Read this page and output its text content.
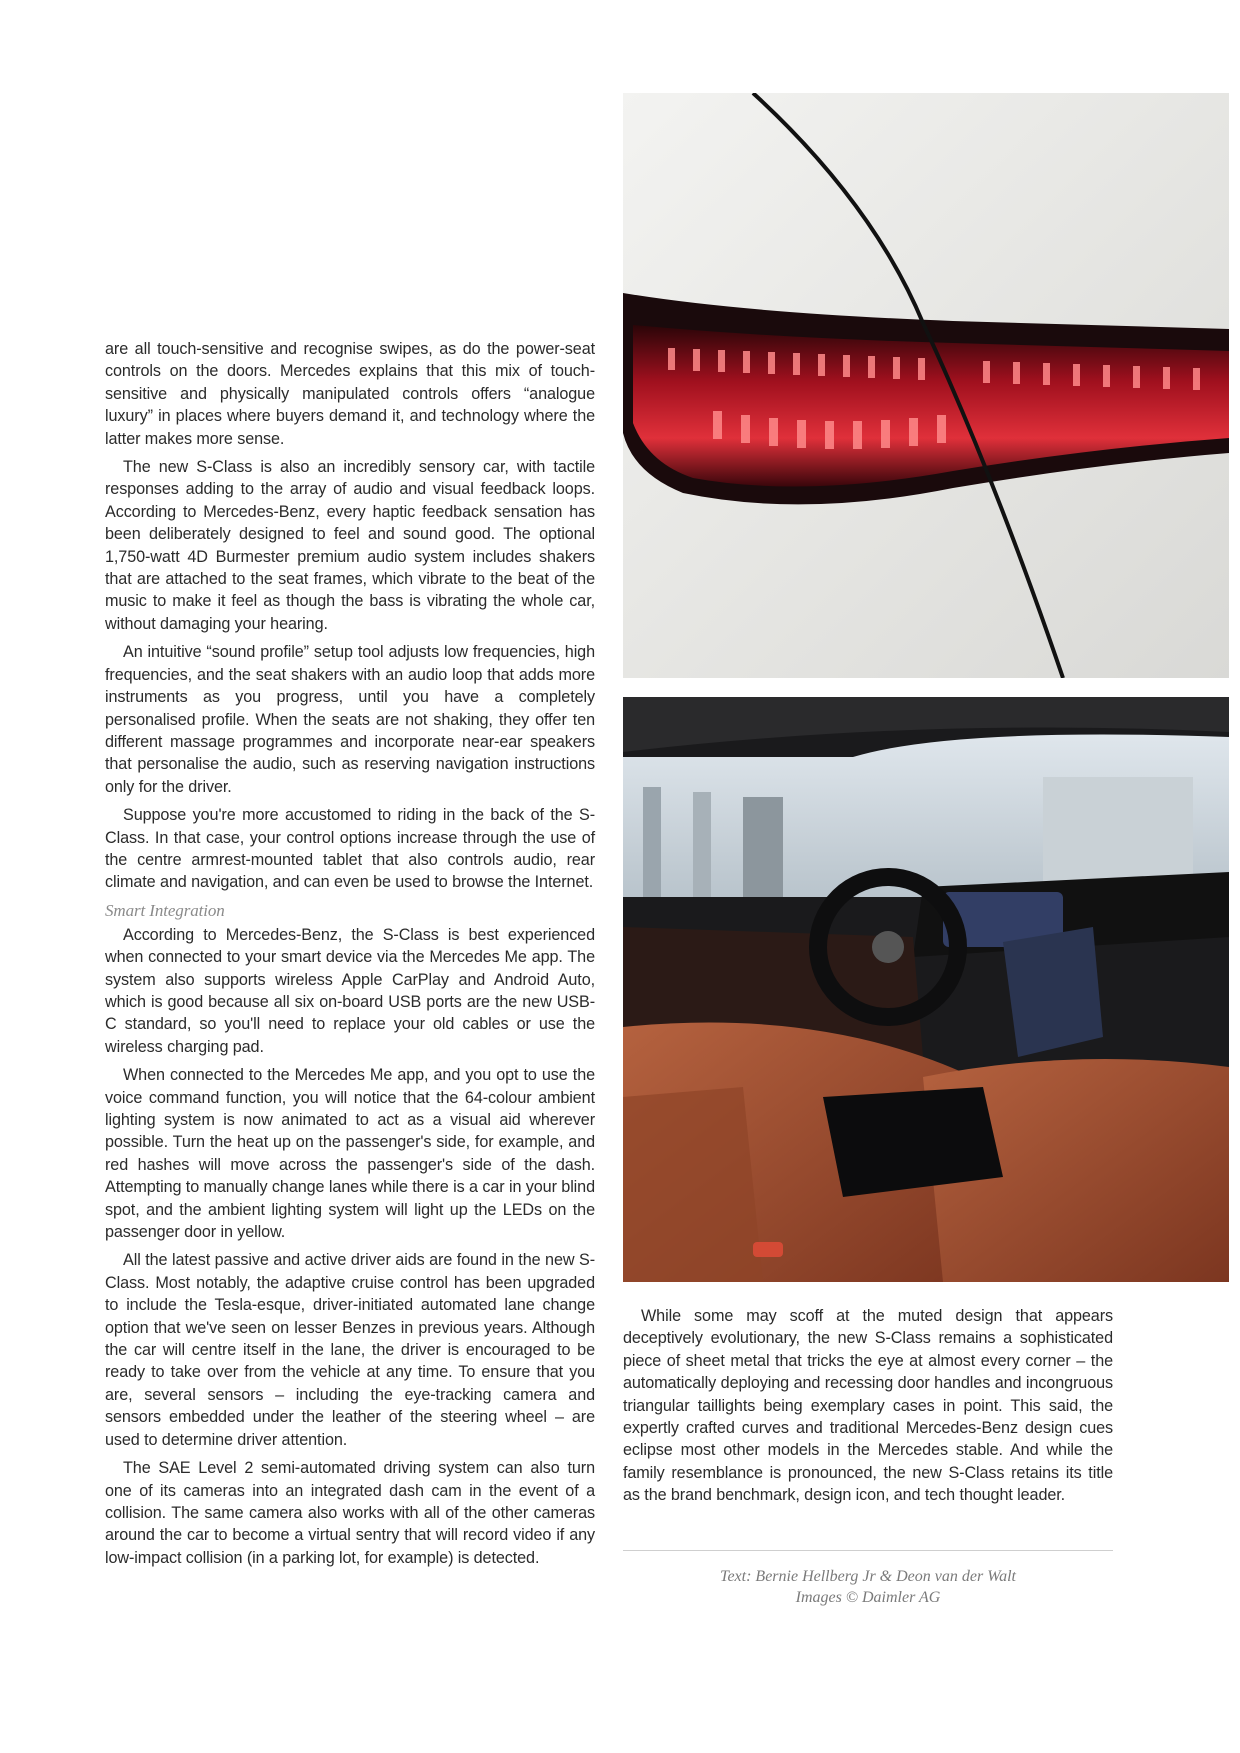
are all touch-sensitive and recognise swipes, as do the power-seat controls on the doors. Mercedes explains that this mix of touch-sensitive and physically manipulated controls offers “analogue luxury” in places where buyers demand it, and technology where the latter makes more sense.

The new S-Class is also an incredibly sensory car, with tactile responses adding to the array of audio and visual feedback loops. According to Mercedes-Benz, every haptic feedback sensation has been deliberately designed to feel and sound good. The optional 1,750-watt 4D Burmester premium audio system includes shakers that are attached to the seat frames, which vibrate to the beat of the music to make it feel as though the bass is vibrating the whole car, without damaging your hearing.

An intuitive “sound profile” setup tool adjusts low frequencies, high frequencies, and the seat shakers with an audio loop that adds more instruments as you progress, until you have a completely personalised profile. When the seats are not shaking, they offer ten different massage programmes and incorporate near-ear speakers that personalise the audio, such as reserving navigation instructions only for the driver.

Suppose you're more accustomed to riding in the back of the S-Class. In that case, your control options increase through the use of the centre armrest-mounted tablet that also controls audio, rear climate and navigation, and can even be used to browse the Internet.

Smart Integration

According to Mercedes-Benz, the S-Class is best experienced when connected to your smart device via the Mercedes Me app. The system also supports wireless Apple CarPlay and Android Auto, which is good because all six on-board USB ports are the new USB-C standard, so you'll need to replace your old cables or use the wireless charging pad.

When connected to the Mercedes Me app, and you opt to use the voice command function, you will notice that the 64-colour ambient lighting system is now animated to act as a visual aid wherever possible. Turn the heat up on the passenger's side, for example, and red hashes will move across the passenger's side of the dash. Attempting to manually change lanes while there is a car in your blind spot, and the ambient lighting system will light up the LEDs on the passenger door in yellow.

All the latest passive and active driver aids are found in the new S-Class. Most notably, the adaptive cruise control has been upgraded to include the Tesla-esque, driver-initiated automated lane change option that we've seen on lesser Benzes in previous years. Although the car will centre itself in the lane, the driver is encouraged to be ready to take over from the vehicle at any time. To ensure that you are, several sensors – including the eye-tracking camera and sensors embedded under the leather of the steering wheel – are used to determine driver attention.

The SAE Level 2 semi-automated driving system can also turn one of its cameras into an integrated dash cam in the event of a collision. The same camera also works with all of the other cameras around the car to become a virtual sentry that will record video if any low-impact collision (in a parking lot, for example) is detected.

While some may scoff at the muted design that appears deceptively evolutionary, the new S-Class remains a sophisticated piece of sheet metal that tricks the eye at almost every corner – the automatically deploying and recessing door handles and incongruous triangular taillights being exemplary cases in point. This said, the expertly crafted curves and traditional Mercedes-Benz design cues eclipse most other models in the Mercedes stable. And while the family resemblance is pronounced, the new S-Class retains its title as the brand benchmark, design icon, and tech thought leader.

Text: Bernie Hellberg Jr & Deon van der Walt
Images © Daimler AG
